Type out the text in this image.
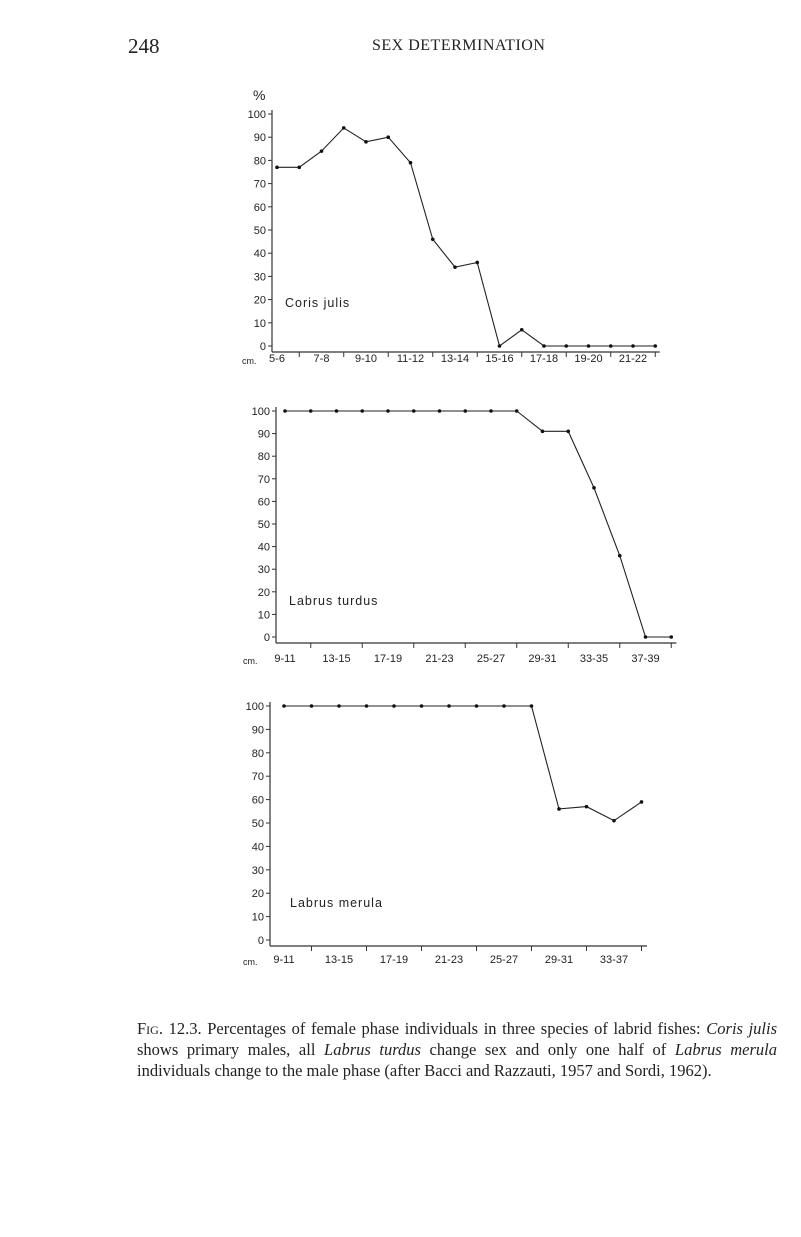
248	SEX DETERMINATION
0
10
20
30
40
50
60
70
80
90
100
5-6	7-8 9-10 11-12 13-14 15-16 17-18 19-20 21-22
cm.
%
Coris julis
0
10
20
30
40
50
60
70
80
90
100
9-11 13-15 17-19 21-23 25-27 29-31 33-35 37-39
cm.
Labrus turdus
0
10
20
30
40
50
60
70
80
90
100
9-11	13-15 17-19 21-23 25-27 29-31 33-37
cm.
Labrus merula
Fig. 12.3. Percentages of female phase individuals in three species of labrid fishes: Coris julis shows primary males, all Labrus turdus change sex and only one half of Labrus merula individuals change to the male phase (after Bacci and Razzauti, 1957 and Sordi, 1962).
